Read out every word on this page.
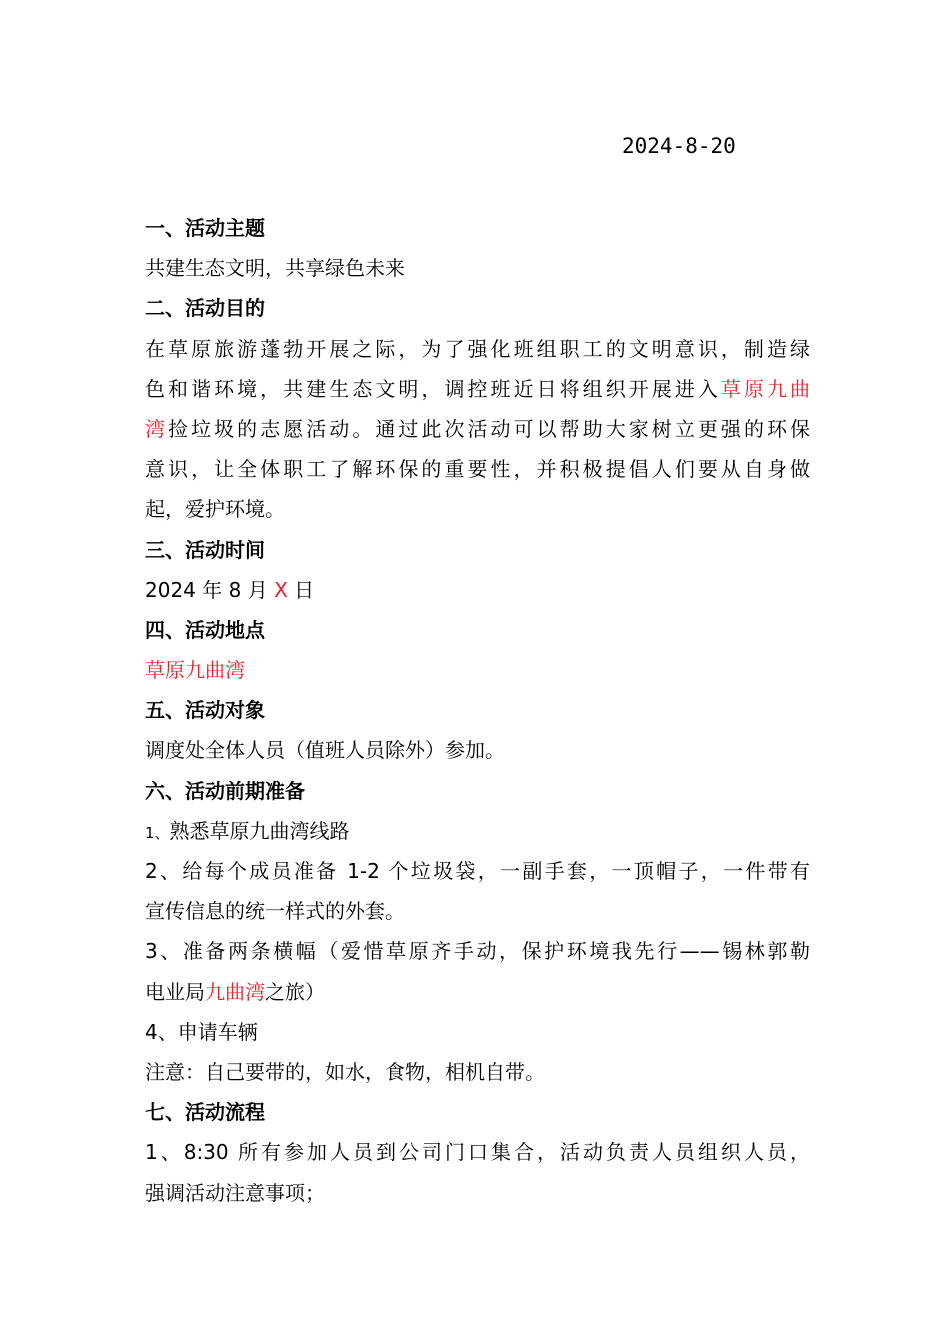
2024-8-20
一、活动主题
共建生态文明，共享绿色未来
二、活动目的
在草原旅游蓬勃开展之际，为了强化班组职工的文明意识，制造绿
色和谐环境，共建生态文明，调控班近日将组织开展进入草原九曲
湾捡垃圾的志愿活动。通过此次活动可以帮助大家树立更强的环保
意识，让全体职工了解环保的重要性，并积极提倡人们要从自身做
起，爱护环境。
三、活动时间
2024 年 8 月 X 日
四、活动地点
草原九曲湾
五、活动对象
调度处全体人员（值班人员除外）参加。
六、活动前期准备
1、熟悉草原九曲湾线路
2、给每个成员准备 1-2 个垃圾袋，一副手套，一顶帽子，一件带有
宣传信息的统一样式的外套。
3、准备两条横幅（爱惜草原齐手动，保护环境我先行——锡林郭勒
电业局九曲湾之旅）
4、申请车辆
注意：自己要带的，如水，食物，相机自带。
七、活动流程
1、8:30 所有参加人员到公司门口集合，活动负责人员组织人员，
强调活动注意事项；
